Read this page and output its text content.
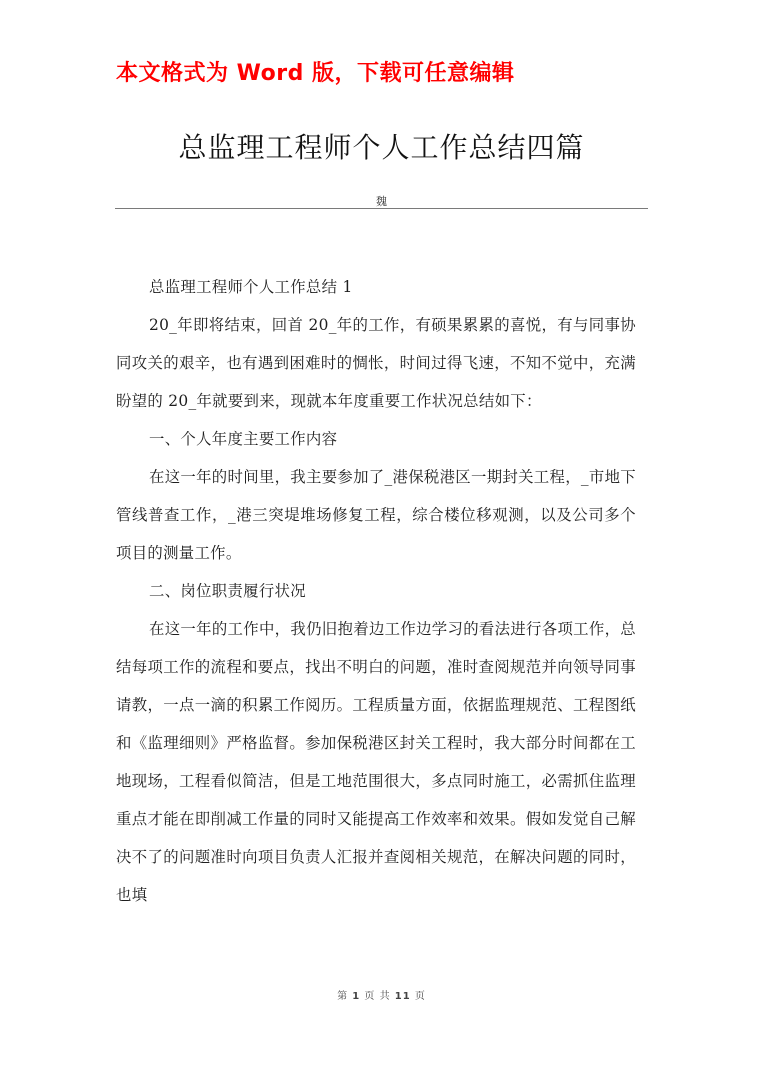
本文格式为 Word 版，下载可任意编辑
总监理工程师个人工作总结四篇
魏

总监理工程师个人工作总结 1

20_年即将结束，回首 20_年的工作，有硕果累累的喜悦，有与同事协同攻关的艰辛，也有遇到困难时的惆怅，时间过得飞速，不知不觉中，充满盼望的 20_年就要到来，现就本年度重要工作状况总结如下：

一、个人年度主要工作内容

在这一年的时间里，我主要参加了_港保税港区一期封关工程，_市地下管线普查工作，_港三突堤堆场修复工程，综合楼位移观测，以及公司多个项目的测量工作。

二、岗位职责履行状况

在这一年的工作中，我仍旧抱着边工作边学习的看法进行各项工作，总结每项工作的流程和要点，找出不明白的问题，准时查阅规范并向领导同事请教，一点一滴的积累工作阅历。工程质量方面，依据监理规范、工程图纸和《监理细则》严格监督。参加保税港区封关工程时，我大部分时间都在工地现场，工程看似简洁，但是工地范围很大，多点同时施工，必需抓住监理重点才能在即削减工作量的同时又能提高工作效率和效果。假如发觉自己解决不了的问题准时向项目负责人汇报并查阅相关规范，在解决问题的同时，也填

第 1 页 共 11 页
